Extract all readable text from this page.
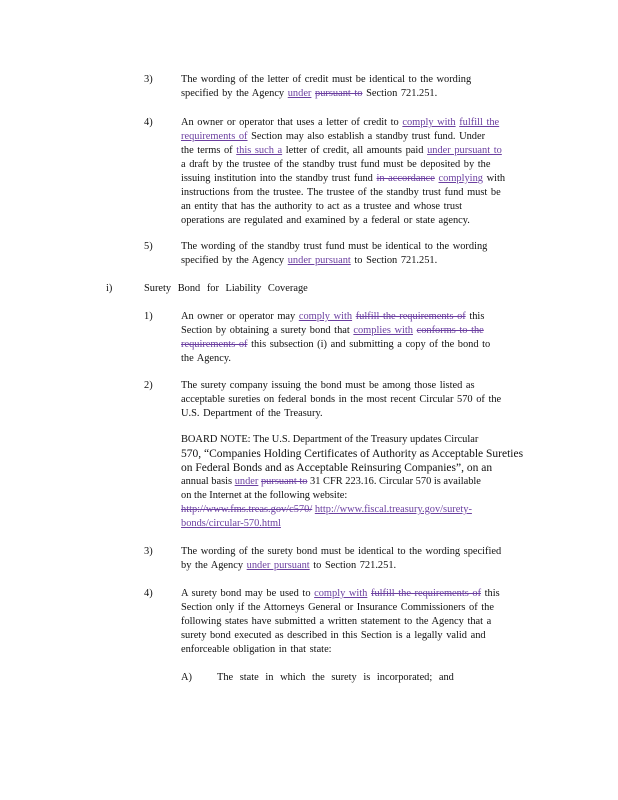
3)	The wording of the letter of credit must be identical to the wording
specified by the Agency under pursuant to Section 721.251.
4)	An owner or operator that uses a letter of credit to comply with fulfill the
requirements of Section may also establish a standby trust fund. Under
the terms of this such a letter of credit, all amounts paid under pursuant to
a draft by the trustee of the standby trust fund must be deposited by the
issuing institution into the standby trust fund in accordance complying with
instructions from the trustee. The trustee of the standby trust fund must be
an entity that has the authority to act as a trustee and whose trust
operations are regulated and examined by a federal or state agency.
5)	The wording of the standby trust fund must be identical to the wording
specified by the Agency under pursuant to Section 721.251.
i)	Surety Bond for Liability Coverage
1)	An owner or operator may comply with fulfill the requirements of this
Section by obtaining a surety bond that complies with conforms to the
requirements of this subsection (i) and submitting a copy of the bond to
the Agency.
2)	The surety company issuing the bond must be among those listed as
acceptable sureties on federal bonds in the most recent Circular 570 of the
U.S. Department of the Treasury.
BOARD NOTE: The U.S. Department of the Treasury updates Circular
570, “Companies Holding Certificates of Authority as Acceptable Sureties
on Federal Bonds and as Acceptable Reinsuring Companies”, on an
annual basis under pursuant to 31 CFR 223.16. Circular 570 is available
on the Internet at the following website:
http://www.fms.treas.gov/c570/ http://www.fiscal.treasury.gov/surety-
bonds/circular-570.html
3)	The wording of the surety bond must be identical to the wording specified
by the Agency under pursuant to Section 721.251.
4)	A surety bond may be used to comply with fulfill the requirements of this
Section only if the Attorneys General or Insurance Commissioners of the
following states have submitted a written statement to the Agency that a
surety bond executed as described in this Section is a legally valid and
enforceable obligation in that state:
A) The state in which the surety is incorporated; and
